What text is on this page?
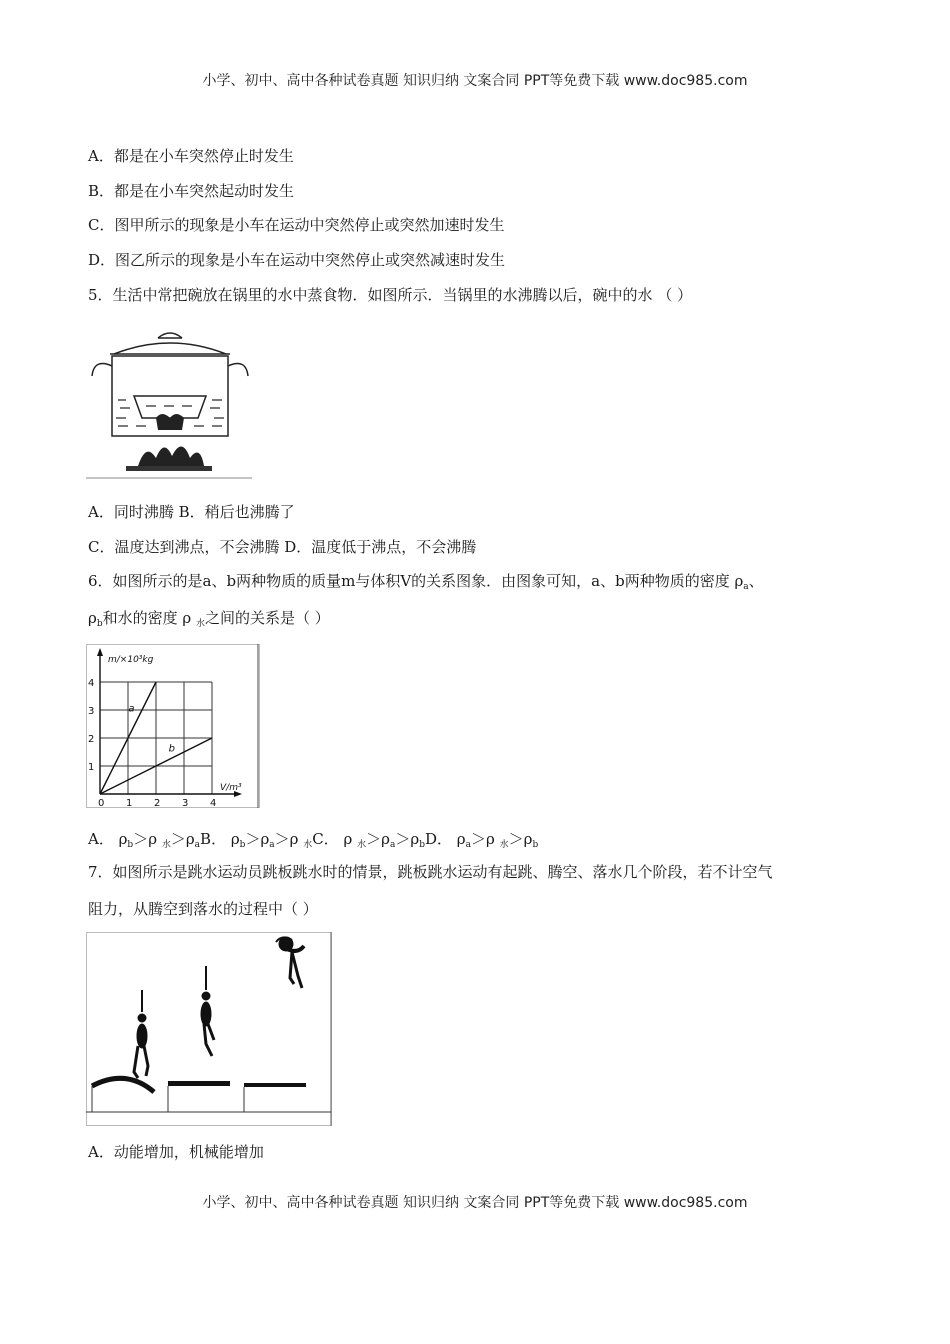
小学、初中、高中各种试卷真题 知识归纳 文案合同 PPT等免费下载 www.doc985.com
A．都是在小车突然停止时发生
B．都是在小车突然起动时发生
C．图甲所示的现象是小车在运动中突然停止或突然加速时发生
D．图乙所示的现象是小车在运动中突然停止或突然减速时发生
5．生活中常把碗放在锅里的水中蒸食物．如图所示．当锅里的水沸腾以后，碗中的水 （ ）
A．同时沸腾 B．稍后也沸腾了
C．温度达到沸点，不会沸腾 D．温度低于沸点，不会沸腾
6．如图所示的是a、b两种物质的质量m与体积V的关系图象．由图象可知，a、b两种物质的密度 $\rho_a$、
$\rho_b$和水的密度 ρ $_水$之间的关系是（ ）
0 1 2 3 4
1
2
3
4
m/×10³kg
V/m³
a
b
A． $\rho_b>\rho$ $_水>\rho_aB$． $\rho_b>\rho_a>\rho$ $_水$C． ρ $_水>\rho_a>\rho_bD$． $\rho_a>\rho$ $_水>\rho_b$
7．如图所示是跳水运动员跳板跳水时的情景，跳板跳水运动有起跳、腾空、落水几个阶段，若不计空气
阻力，从腾空到落水的过程中（ ）
A．动能增加，机械能增加
小学、初中、高中各种试卷真题 知识归纳 文案合同 PPT等免费下载 www.doc985.com
